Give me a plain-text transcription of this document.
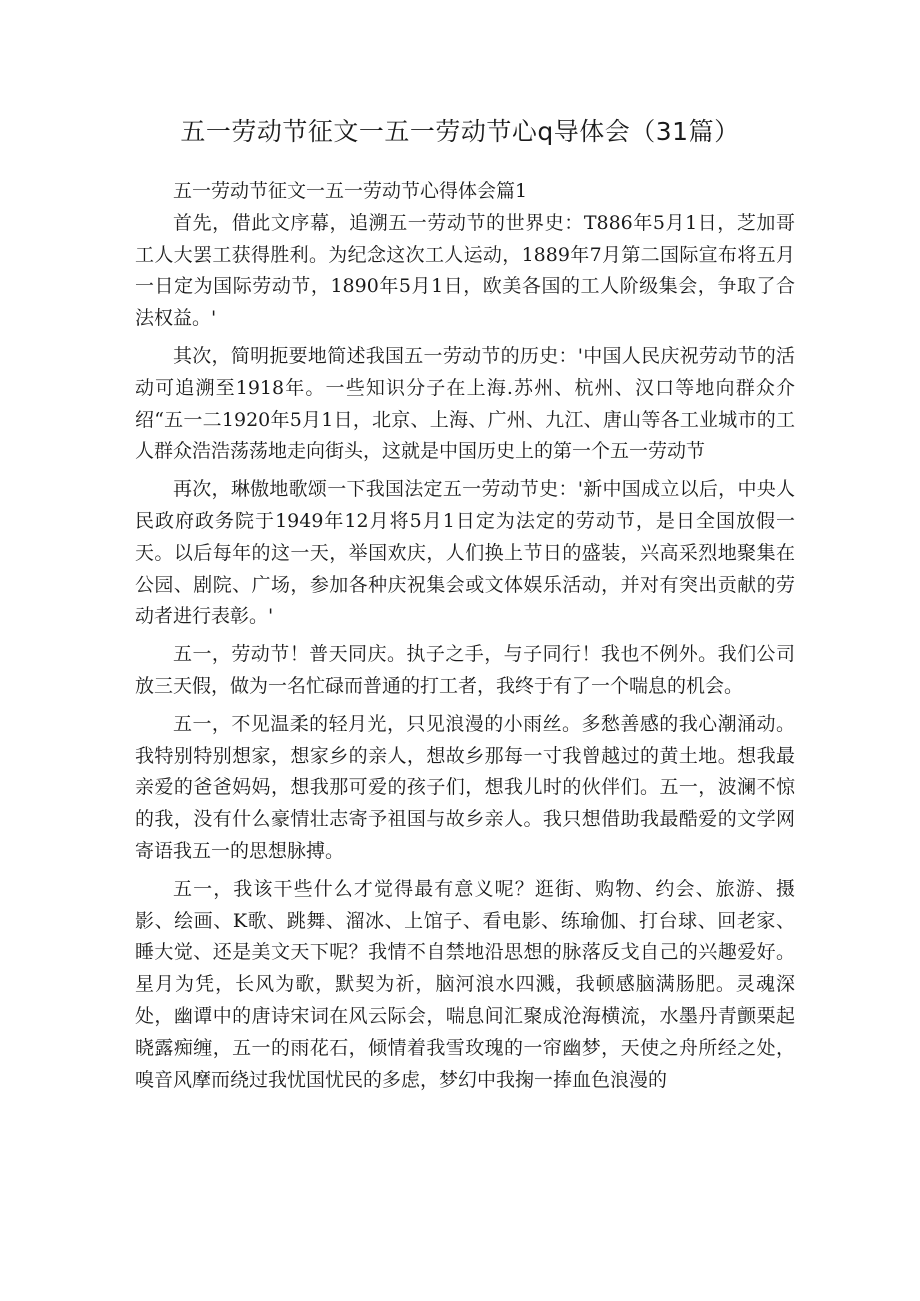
五一劳动节征文一五一劳动节心q导体会（31篇）

五一劳动节征文一五一劳动节心得体会篇1

首先，借此文序幕，追溯五一劳动节的世界史：T886年5月1日，芝加哥工人大罢工获得胜利。为纪念这次工人运动，1889年7月第二国际宣布将五月一日定为国际劳动节，1890年5月1日，欧美各国的工人阶级集会，争取了合法权益。'

其次，简明扼要地简述我国五一劳动节的历史：'中国人民庆祝劳动节的活动可追溯至1918年。一些知识分子在上海.苏州、杭州、汉口等地向群众介绍“五一二1920年5月1日，北京、上海、广州、九江、唐山等各工业城市的工人群众浩浩荡荡地走向街头，这就是中国历史上的第一个五一劳动节

再次，琳傲地歌颂一下我国法定五一劳动节史：'新中国成立以后，中央人民政府政务院于1949年12月将5月1日定为法定的劳动节，是日全国放假一天。以后每年的这一天，举国欢庆，人们换上节日的盛装，兴高采烈地聚集在公园、剧院、广场，参加各种庆祝集会或文体娱乐活动，并对有突出贡献的劳动者进行表彰。'

五一，劳动节！普天同庆。执子之手，与子同行！我也不例外。我们公司放三天假，做为一名忙碌而普通的打工者，我终于有了一个喘息的机会。

五一，不见温柔的轻月光，只见浪漫的小雨丝。多愁善感的我心潮涌动。我特别特别想家，想家乡的亲人，想故乡那每一寸我曾越过的黄土地。想我最亲爱的爸爸妈妈，想我那可爱的孩子们，想我儿时的伙伴们。五一，波澜不惊的我，没有什么豪情壮志寄予祖国与故乡亲人。我只想借助我最酷爱的文学网寄语我五一的思想脉搏。

五一，我该干些什么才觉得最有意义呢？逛街、购物、约会、旅游、摄影、绘画、K歌、跳舞、溜冰、上馆子、看电影、练瑜伽、打台球、回老家、睡大觉、还是美文天下呢？我情不自禁地沿思想的脉落反戈自己的兴趣爱好。星月为凭，长风为歌，默契为祈，脑河浪水四溅，我顿感脑满肠肥。灵魂深处，幽谭中的唐诗宋词在风云际会，喘息间汇聚成沧海横流，水墨丹青颤栗起晓露痴缠，五一的雨花石，倾情着我雪玫瑰的一帘幽梦，天使之舟所经之处，嗅音风摩而绕过我忧国忧民的多虑，梦幻中我掬一捧血色浪漫的
